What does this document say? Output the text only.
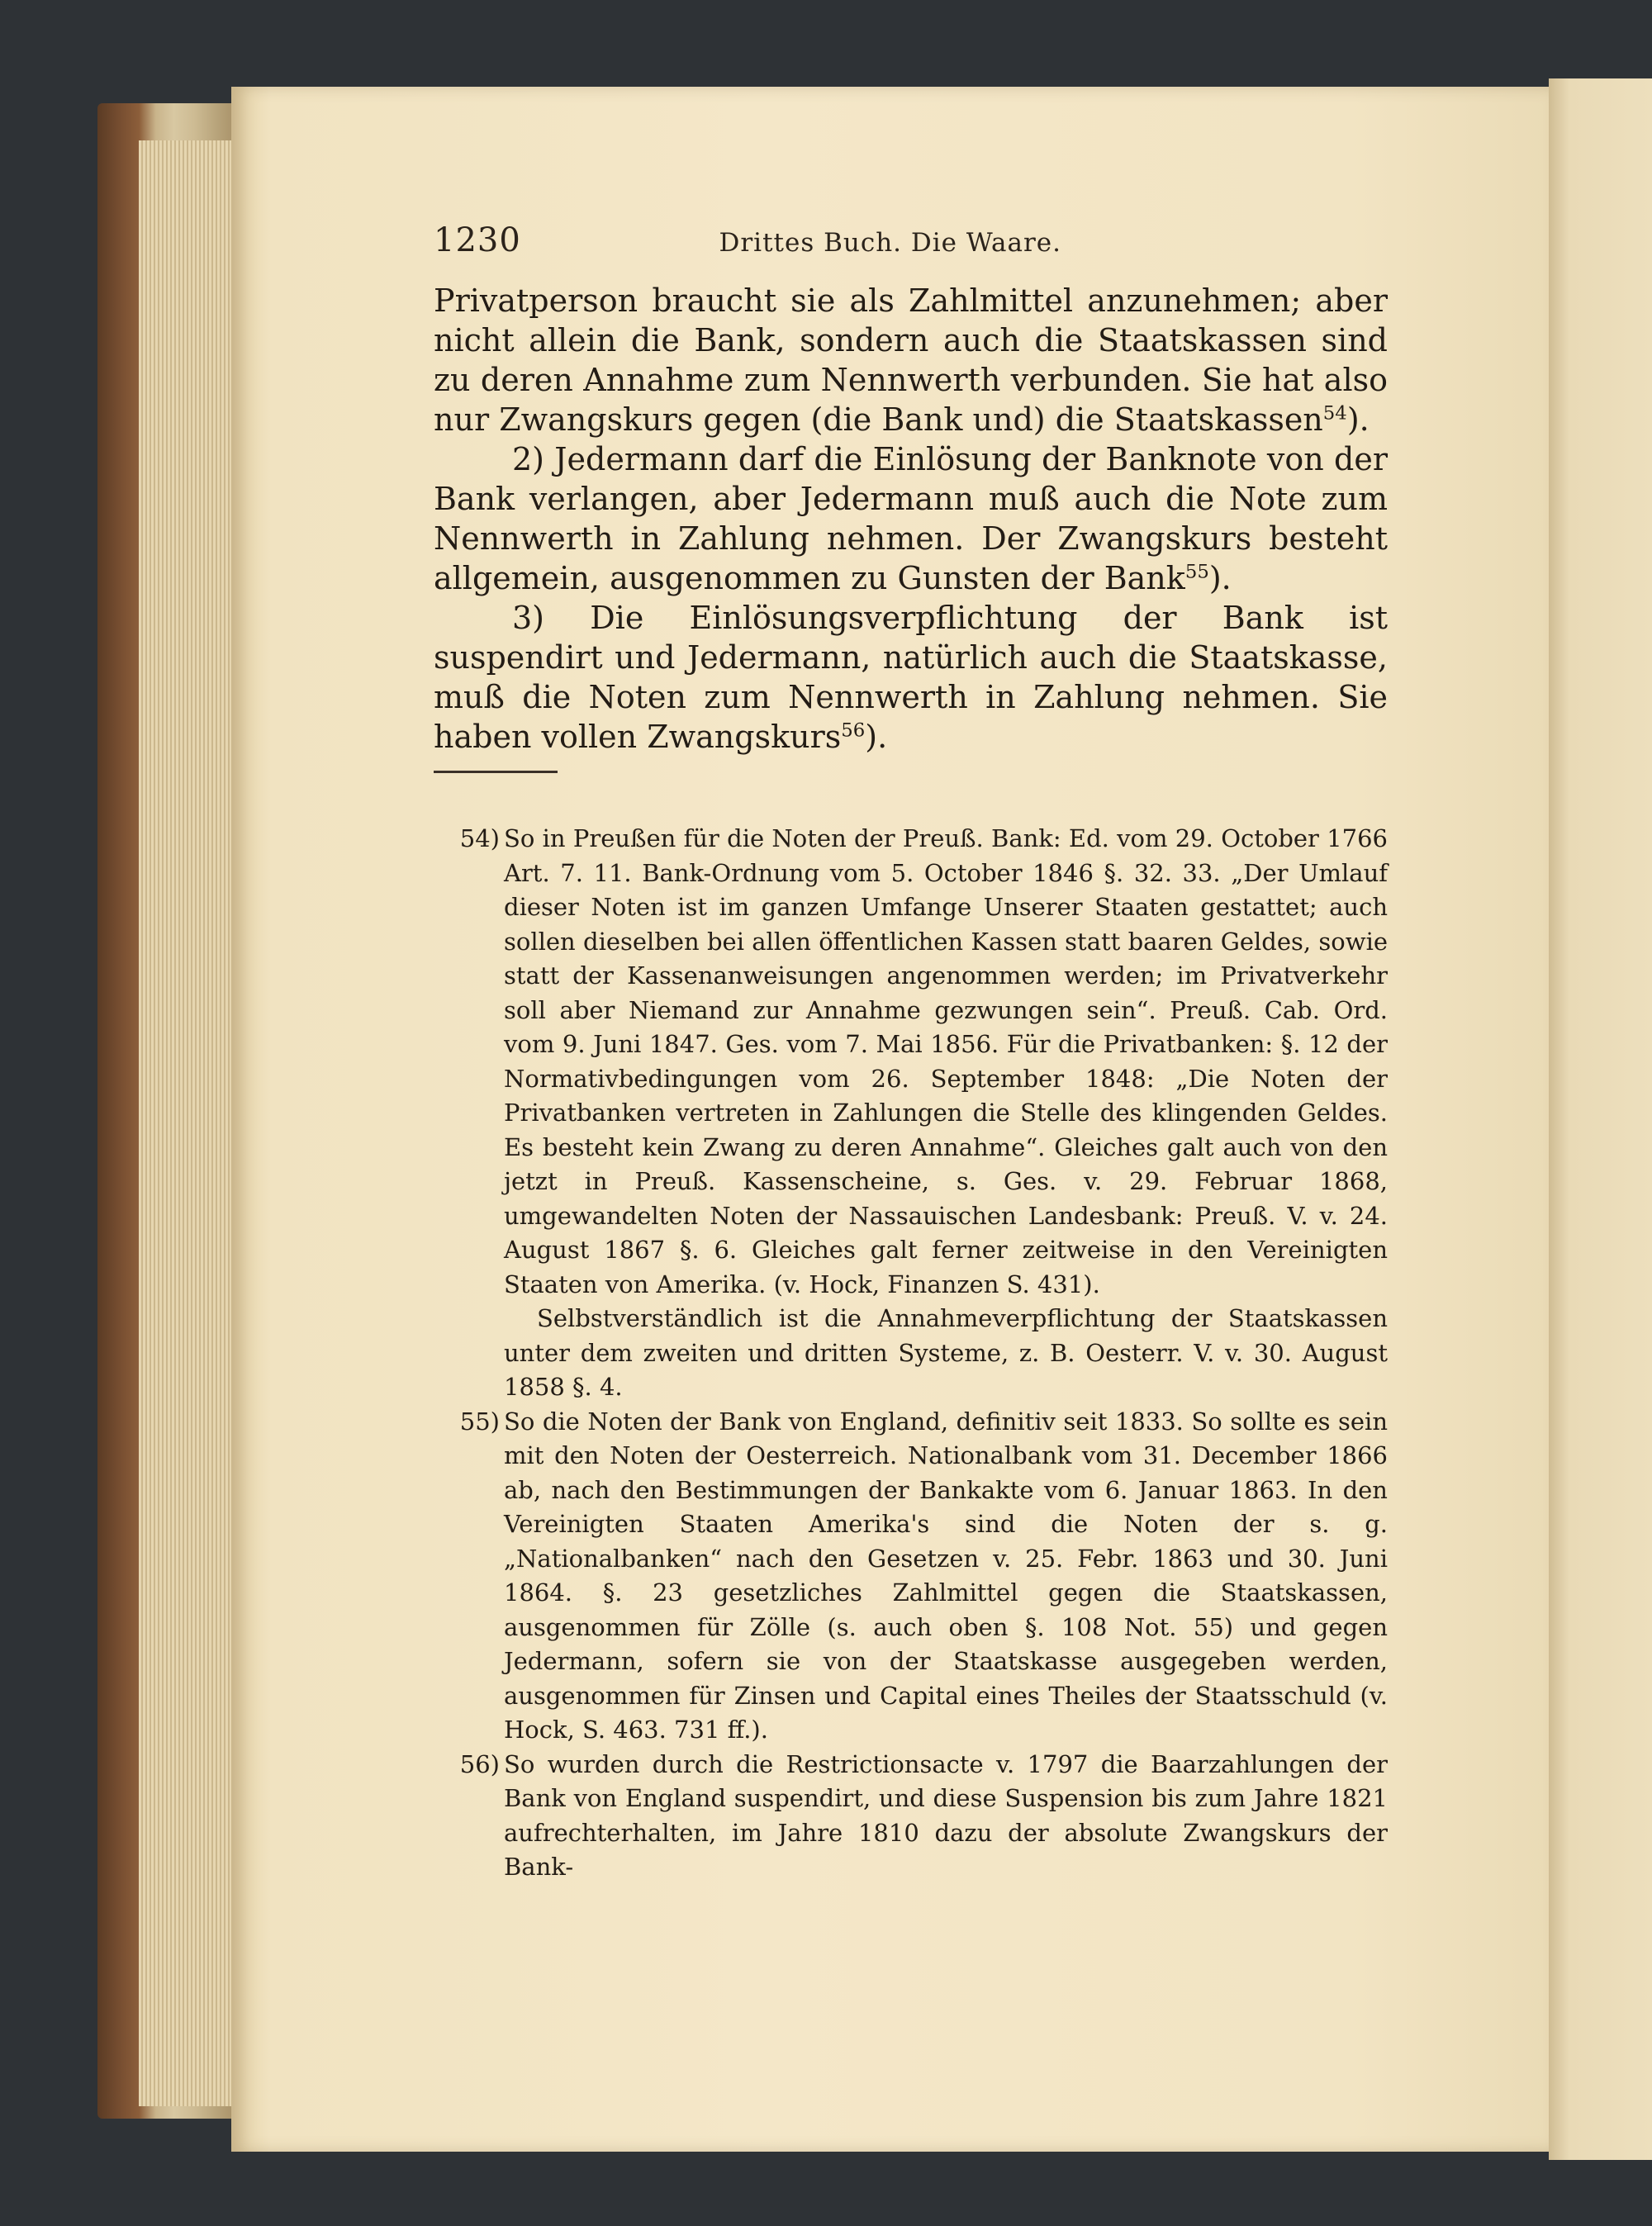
1230	Drittes Buch. Die Waare.

Privatperson braucht sie als Zahlmittel anzunehmen; aber nicht allein die Bank, sondern auch die Staatskassen sind zu deren Annahme zum Nennwerth verbunden. Sie hat also nur Zwangskurs gegen (die Bank und) die Staatskassen$^{54}$).

2) Jedermann darf die Einlösung der Banknote von der Bank verlangen, aber Jedermann muß auch die Note zum Nennwerth in Zahlung nehmen. Der Zwangskurs besteht allgemein, ausgenommen zu Gunsten der Bank$^{55}$).

3) Die Einlösungsverpflichtung der Bank ist suspendirt und Jedermann, natürlich auch die Staatskasse, muß die Noten zum Nennwerth in Zahlung nehmen. Sie haben vollen Zwangskurs$^{56}$).

54) So in Preußen für die Noten der Preuß. Bank: Ed. vom 29. October 1766 Art. 7. 11. Bank-Ordnung vom 5. October 1846 §. 32. 33. „Der Umlauf dieser Noten ist im ganzen Umfange Unserer Staaten gestattet; auch sollen dieselben bei allen öffentlichen Kassen statt baaren Geldes, sowie statt der Kassenanweisungen angenommen werden; im Privatverkehr soll aber Niemand zur Annahme gezwungen sein“. Preuß. Cab. Ord. vom 9. Juni 1847. Ges. vom 7. Mai 1856. Für die Privatbanken: §. 12 der Normativbedingungen vom 26. September 1848: „Die Noten der Privatbanken vertreten in Zahlungen die Stelle des klingenden Geldes. Es besteht kein Zwang zu deren Annahme“. Gleiches galt auch von den jetzt in Preuß. Kassenscheine, s. Ges. v. 29. Februar 1868, umgewandelten Noten der Nassauischen Landesbank: Preuß. V. v. 24. August 1867 §. 6. Gleiches galt ferner zeitweise in den Vereinigten Staaten von Amerika. (v. Hock, Finanzen S. 431).

Selbstverständlich ist die Annahmeverpflichtung der Staatskassen unter dem zweiten und dritten Systeme, z. B. Oesterr. V. v. 30. August 1858 §. 4.

55) So die Noten der Bank von England, definitiv seit 1833. So sollte es sein mit den Noten der Oesterreich. Nationalbank vom 31. December 1866 ab, nach den Bestimmungen der Bankakte vom 6. Januar 1863. In den Vereinigten Staaten Amerika's sind die Noten der s. g. „Nationalbanken“ nach den Gesetzen v. 25. Febr. 1863 und 30. Juni 1864. §. 23 gesetzliches Zahlmittel gegen die Staatskassen, ausgenommen für Zölle (s. auch oben §. 108 Not. 55) und gegen Jedermann, sofern sie von der Staatskasse ausgegeben werden, ausgenommen für Zinsen und Capital eines Theiles der Staatsschuld (v. Hock, S. 463. 731 ff.).

56) So wurden durch die Restrictionsacte v. 1797 die Baarzahlungen der Bank von England suspendirt, und diese Suspension bis zum Jahre 1821 aufrechterhalten, im Jahre 1810 dazu der absolute Zwangskurs der Bank-
